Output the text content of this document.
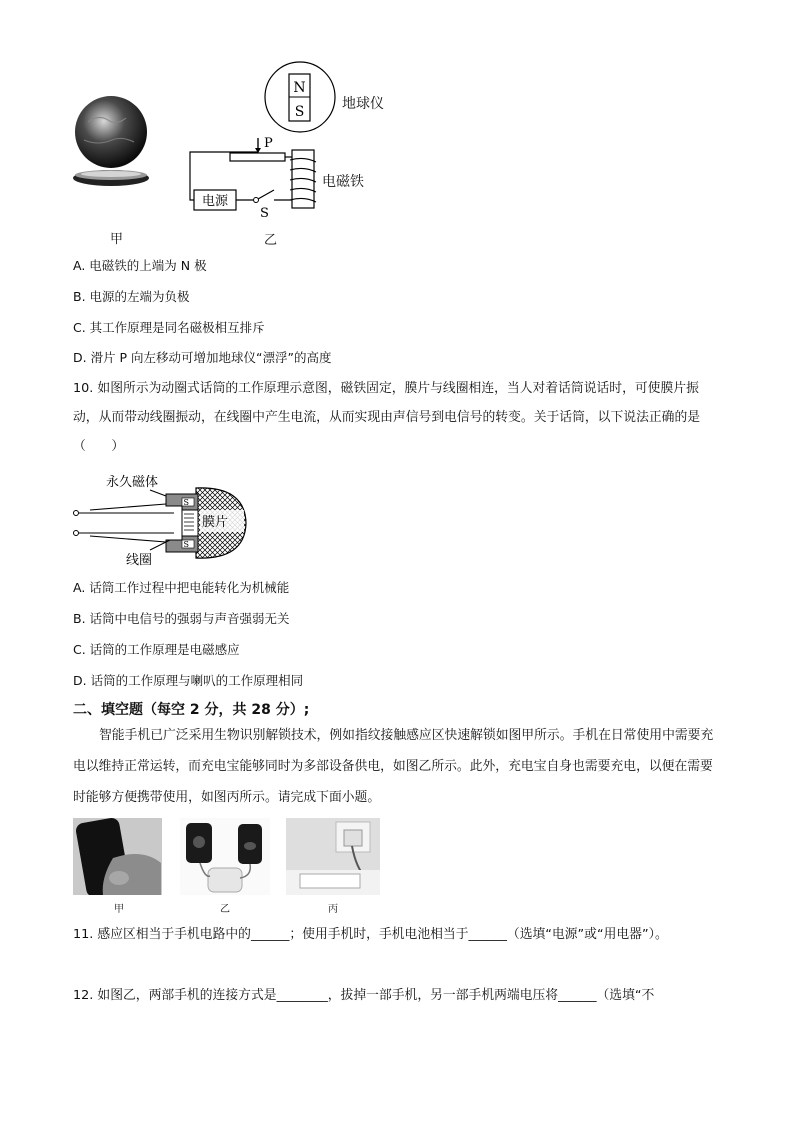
N
S
P
电源
S
地球仪
电磁铁
甲	乙
A. 电磁铁的上端为 N 极
B. 电源的左端为负极
C. 其工作原理是同名磁极相互排斥
D. 滑片 P 向左移动可增加地球仪“漂浮”的高度
10. 如图所示为动圈式话筒的工作原理示意图，磁铁固定，膜片与线圈相连，当人对着话筒说话时，可使膜片振动，从而带动线圈振动，在线圈中产生电流，从而实现由声信号到电信号的转变。关于话筒，以下说法正确的是（　　）
永久磁体
S
S
膜片
线圈
A. 话筒工作过程中把电能转化为机械能
B. 话筒中电信号的强弱与声音强弱无关
C. 话筒的工作原理是电磁感应
D. 话筒的工作原理与喇叭的工作原理相同
二、填空题（每空 2 分，共 28 分）;
智能手机已广泛采用生物识别解锁技术，例如指纹接触感应区快速解锁如图甲所示。手机在日常使用中需要充电以维持正常运转，而充电宝能够同时为多部设备供电，如图乙所示。此外，充电宝自身也需要充电，以便在需要时能够方便携带使用，如图丙所示。请完成下面小题。
甲	乙	丙
11. 感应区相当于手机电路中的______；使用手机时，手机电池相当于______（选填“电源”或“用电器”）。
12. 如图乙，两部手机的连接方式是________，拔掉一部手机，另一部手机两端电压将______（选填“不
